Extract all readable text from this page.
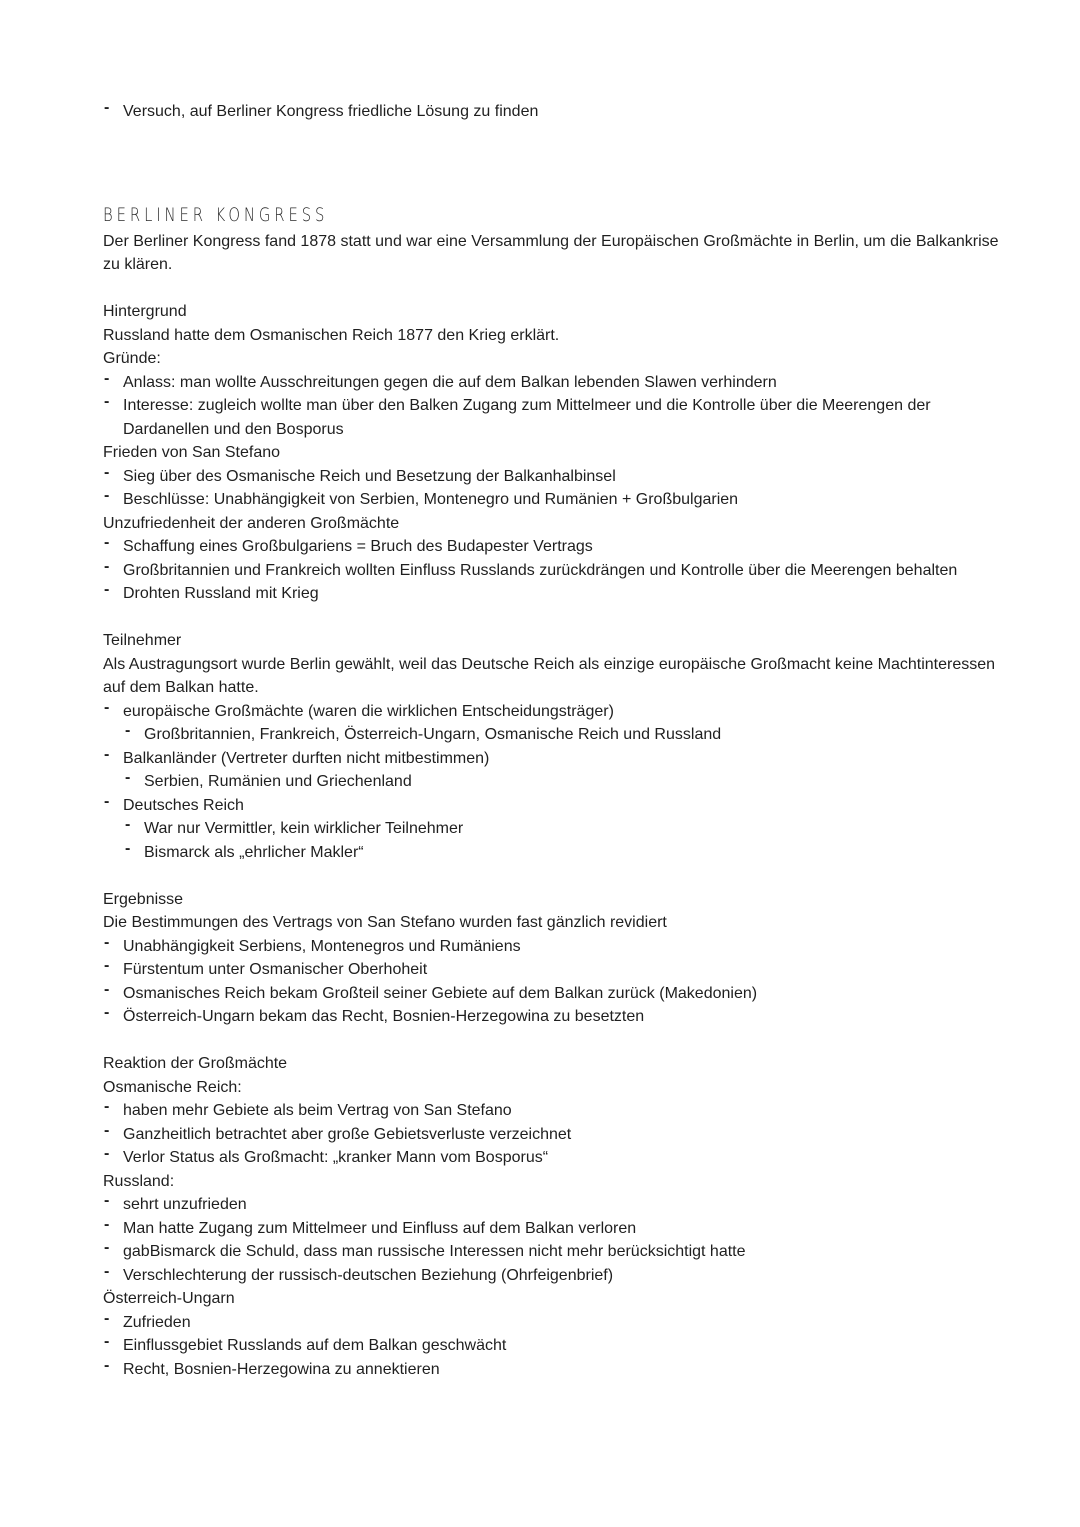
- Versuch, auf Berliner Kongress friedliche Lösung zu finden
BERLINER KONGRESS
Der Berliner Kongress fand 1878 statt und war eine Versammlung der Europäischen Großmächte in Berlin, um die Balkankrise zu klären.
Hintergrund
Russland hatte dem Osmanischen Reich 1877 den Krieg erklärt.
Gründe:
- Anlass: man wollte Ausschreitungen gegen die auf dem Balkan lebenden Slawen verhindern
- Interesse: zugleich wollte man über den Balken Zugang zum Mittelmeer und die Kontrolle über die Meerengen der Dardanellen und den Bosporus
Frieden von San Stefano
- Sieg über des Osmanische Reich und Besetzung der Balkanhalbinsel
- Beschlüsse: Unabhängigkeit von Serbien, Montenegro und Rumänien + Großbulgarien
Unzufriedenheit der anderen Großmächte
- Schaffung eines Großbulgariens = Bruch des Budapester Vertrags
- Großbritannien und Frankreich wollten Einfluss Russlands zurückdrängen und Kontrolle über die Meerengen behalten
- Drohten Russland mit Krieg
Teilnehmer
Als Austragungsort wurde Berlin gewählt, weil das Deutsche Reich als einzige europäische Großmacht keine Machtinteressen auf dem Balkan hatte.
- europäische Großmächte (waren die wirklichen Entscheidungsträger)
- Großbritannien, Frankreich, Österreich-Ungarn, Osmanische Reich und Russland
- Balkanländer (Vertreter durften nicht mitbestimmen)
- Serbien, Rumänien und Griechenland
- Deutsches Reich
- War nur Vermittler, kein wirklicher Teilnehmer
- Bismarck als „ehrlicher Makler“
Ergebnisse
Die Bestimmungen des Vertrags von San Stefano wurden fast gänzlich revidiert
- Unabhängigkeit Serbiens, Montenegros und Rumäniens
- Fürstentum unter Osmanischer Oberhoheit
- Osmanisches Reich bekam Großteil seiner Gebiete auf dem Balkan zurück (Makedonien)
- Österreich-Ungarn bekam das Recht, Bosnien-Herzegowina zu besetzten
Reaktion der Großmächte
Osmanische Reich:
- haben mehr Gebiete als beim Vertrag von San Stefano
- Ganzheitlich betrachtet aber große Gebietsverluste verzeichnet
- Verlor Status als Großmacht: „kranker Mann vom Bosporus“
Russland:
- sehrt unzufrieden
- Man hatte Zugang zum Mittelmeer und Einfluss auf dem Balkan verloren
- gabBismarck die Schuld, dass man russische Interessen nicht mehr berücksichtigt hatte
- Verschlechterung der russisch-deutschen Beziehung (Ohrfeigenbrief)
Österreich-Ungarn
- Zufrieden
- Einflussgebiet Russlands auf dem Balkan geschwächt
- Recht, Bosnien-Herzegowina zu annektieren
